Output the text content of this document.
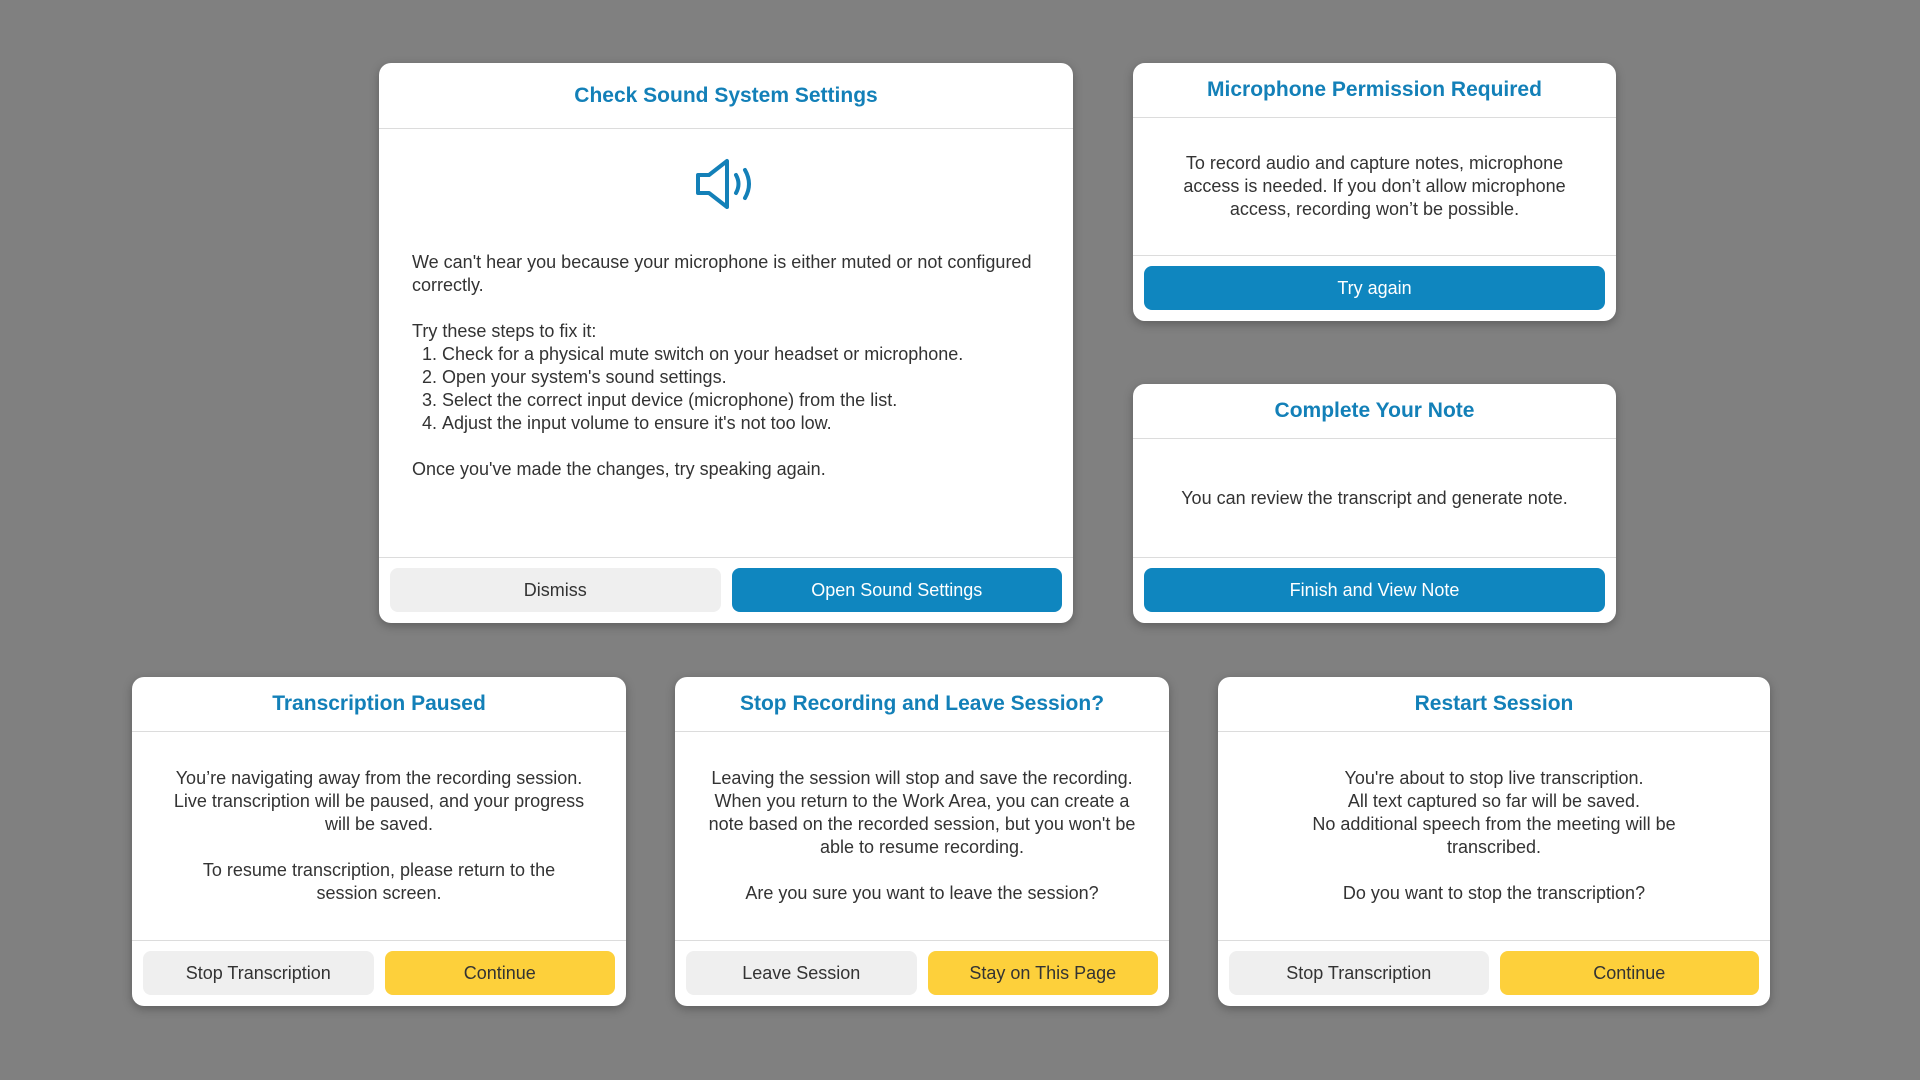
Check Sound System Settings

We can't hear you because your microphone is either muted or not configured correctly.

Try these steps to fix it:

1. Check for a physical mute switch on your headset or microphone.
2. Open your system's sound settings.
3. Select the correct input device (microphone) from the list.
4. Adjust the input volume to ensure it's not too low.

Once you've made the changes, try speaking again.

Dismiss	Open Sound Settings
Microphone Permission Required

To record audio and capture notes, microphone access is needed. If you don’t allow microphone access, recording won’t be possible.

Try again
Complete Your Note

You can review the transcript and generate note.

Finish and View Note
Transcription Paused

You’re navigating away from the recording session. Live transcription will be paused, and your progress will be saved.

To resume transcription, please return to the session screen.

Stop Transcription	Continue
Stop Recording and Leave Session?

Leaving the session will stop and save the recording. When you return to the Work Area, you can create a note based on the recorded session, but you won't be able to resume recording.

Are you sure you want to leave the session?

Leave Session	Stay on This Page
Restart Session

You're about to stop live transcription.

All text captured so far will be saved.

No additional speech from the meeting will be transcribed.

Do you want to stop the transcription?

Stop Transcription	Continue
